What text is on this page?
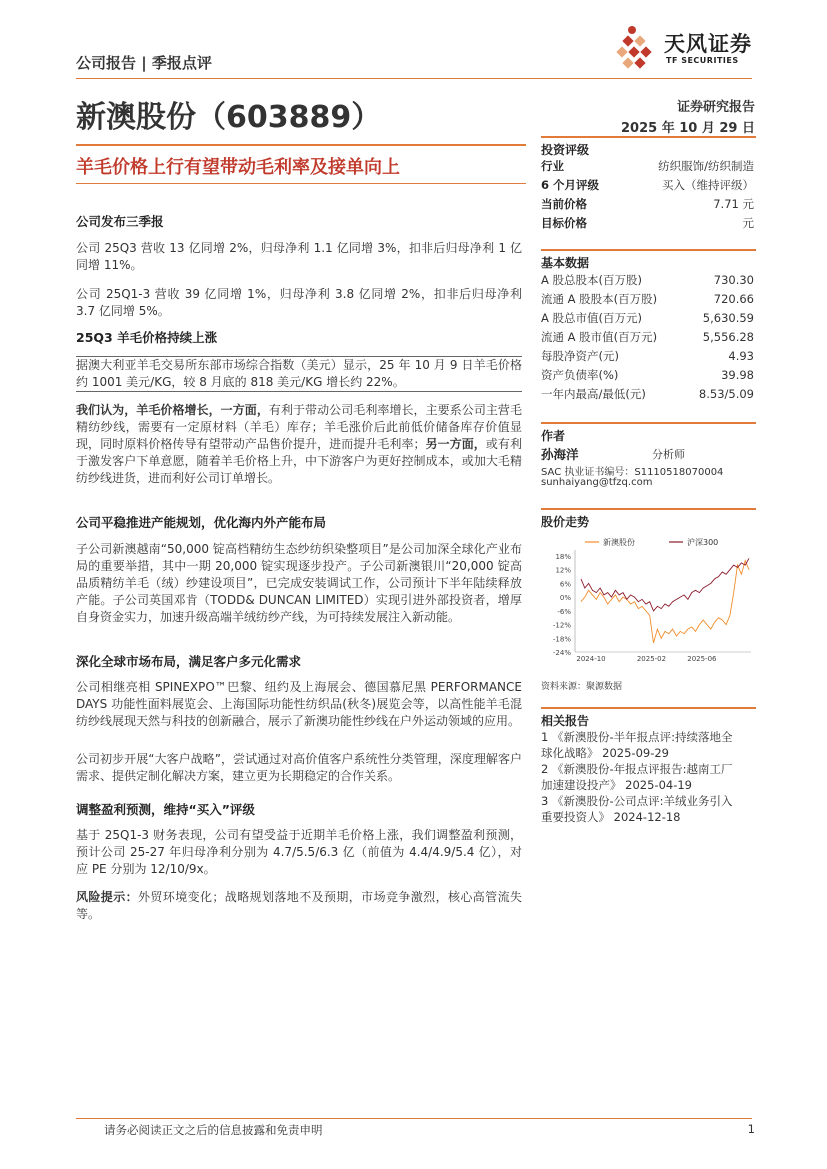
公司报告 | 季报点评
天风证券
TF SECURITIES
新澳股份（603889）	证券研究报告
2025 年 10 月 29 日
羊毛价格上行有望带动毛利率及接单向上
公司发布三季报
公司 25Q3 营收 13 亿同增 2%，归母净利 1.1 亿同增 3%，扣非后归母净利 1 亿同增 11%。
公司 25Q1-3 营收 39 亿同增 1%，归母净利 3.8 亿同增 2%，扣非后归母净利 3.7 亿同增 5%。
25Q3 羊毛价格持续上涨
据澳大利亚羊毛交易所东部市场综合指数（美元）显示，25 年 10 月 9 日羊毛价格约 1001 美元/KG，较 8 月底的 818 美元/KG 增长约 22%。
我们认为，羊毛价格增长，一方面，有利于带动公司毛利率增长，主要系公司主营毛精纺纱线，需要有一定原材料（羊毛）库存；羊毛涨价后此前低价储备库存价值显现，同时原料价格传导有望带动产品售价提升，进而提升毛利率；另一方面，或有利于激发客户下单意愿，随着羊毛价格上升，中下游客户为更好控制成本，或加大毛精纺纱线进货，进而利好公司订单增长。
公司平稳推进产能规划，优化海内外产能布局
子公司新澳越南“50,000 锭高档精纺生态纱纺织染整项目”是公司加深全球化产业布局的重要举措，其中一期 20,000 锭实现逐步投产。子公司新澳银川“20,000 锭高品质精纺羊毛（绒）纱建设项目”，已完成安装调试工作，公司预计下半年陆续释放产能。子公司英国邓肯（TODD& DUNCAN LIMITED）实现引进外部投资者，增厚自身资金实力，加速升级高端羊绒纺纱产线，为可持续发展注入新动能。
深化全球市场布局，满足客户多元化需求
公司相继亮相 SPINEXPO™巴黎、纽约及上海展会、德国慕尼黑 PERFORMANCE DAYS 功能性面料展览会、上海国际功能性纺织品(秋冬)展览会等，以高性能羊毛混纺纱线展现天然与科技的创新融合，展示了新澳功能性纱线在户外运动领域的应用。
公司初步开展“大客户战略”，尝试通过对高价值客户系统性分类管理，深度理解客户需求、提供定制化解决方案，建立更为长期稳定的合作关系。
调整盈利预测，维持“买入”评级
基于 25Q1-3 财务表现，公司有望受益于近期羊毛价格上涨，我们调整盈利预测，预计公司 25-27 年归母净利分别为 4.7/5.5/6.3 亿（前值为 4.4/4.9/5.4 亿），对应 PE 分别为 12/10/9x。
风险提示：外贸环境变化；战略规划落地不及预期，市场竞争激烈，核心高管流失等。
投资评级
行业	纺织服饰/纺织制造
6 个月评级	买入（维持评级）
当前价格	7.71 元
目标价格	元
基本数据
A 股总股本(百万股)	730.30
流通 A 股股本(百万股)	720.66
A 股总市值(百万元)	5,630.59
流通 A 股市值(百万元)	5,556.28
每股净资产(元)	4.93
资产负债率(%)	39.98
一年内最高/最低(元)	8.53/5.09
作者
孙海洋	分析师
SAC 执业证书编号：S1110518070004
sunhaiyang@tfzq.com
股价走势
18%
12%
6%
0%
-6%
-12%
-18%
-24%
2024-10	2025-02	2025-06
新澳股份	沪深300
资料来源：聚源数据
相关报告
1 《新澳股份-半年报点评:持续落地全
球化战略》 2025-09-29
2 《新澳股份-年报点评报告:越南工厂
加速建设投产》 2025-04-19
3 《新澳股份-公司点评:羊绒业务引入
重要投资人》 2024-12-18
请务必阅读正文之后的信息披露和免责申明	1
